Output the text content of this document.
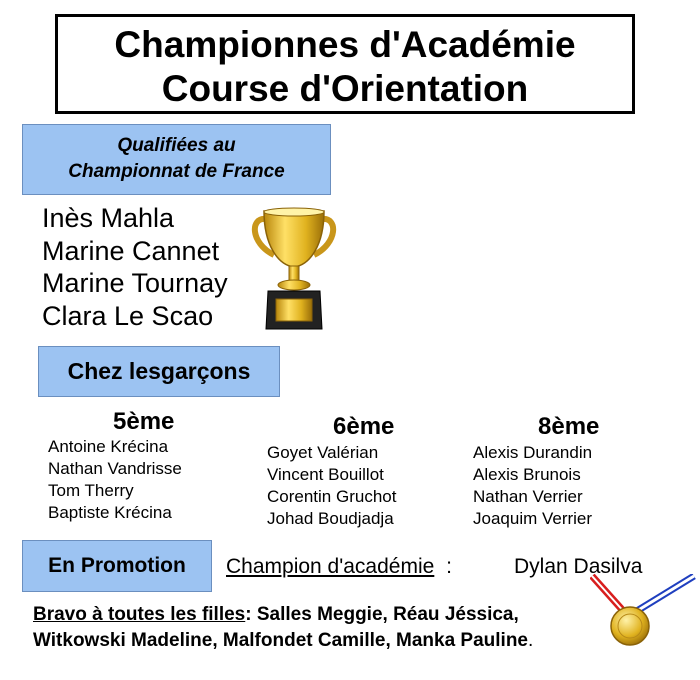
Championnes d'Académie
Course d'Orientation
Qualifiées au
Championnat de France
Inès Mahla
Marine Cannet
Marine Tournay
Clara Le Scao
Chez lesgarçons
5ème
Antoine Krécina
Nathan Vandrisse
Tom Therry
Baptiste Krécina
6ème
Goyet Valérian
Vincent Bouillot
Corentin Gruchot
Johad Boudjadja
8ème
Alexis Durandin
Alexis Brunois
Nathan Verrier
Joaquim Verrier
En Promotion	Champion d'académie :	Dylan Dasilva
Bravo à toutes les filles: Salles Meggie, Réau Jéssica,
Witkowski Madeline, Malfondet Camille, Manka Pauline.
